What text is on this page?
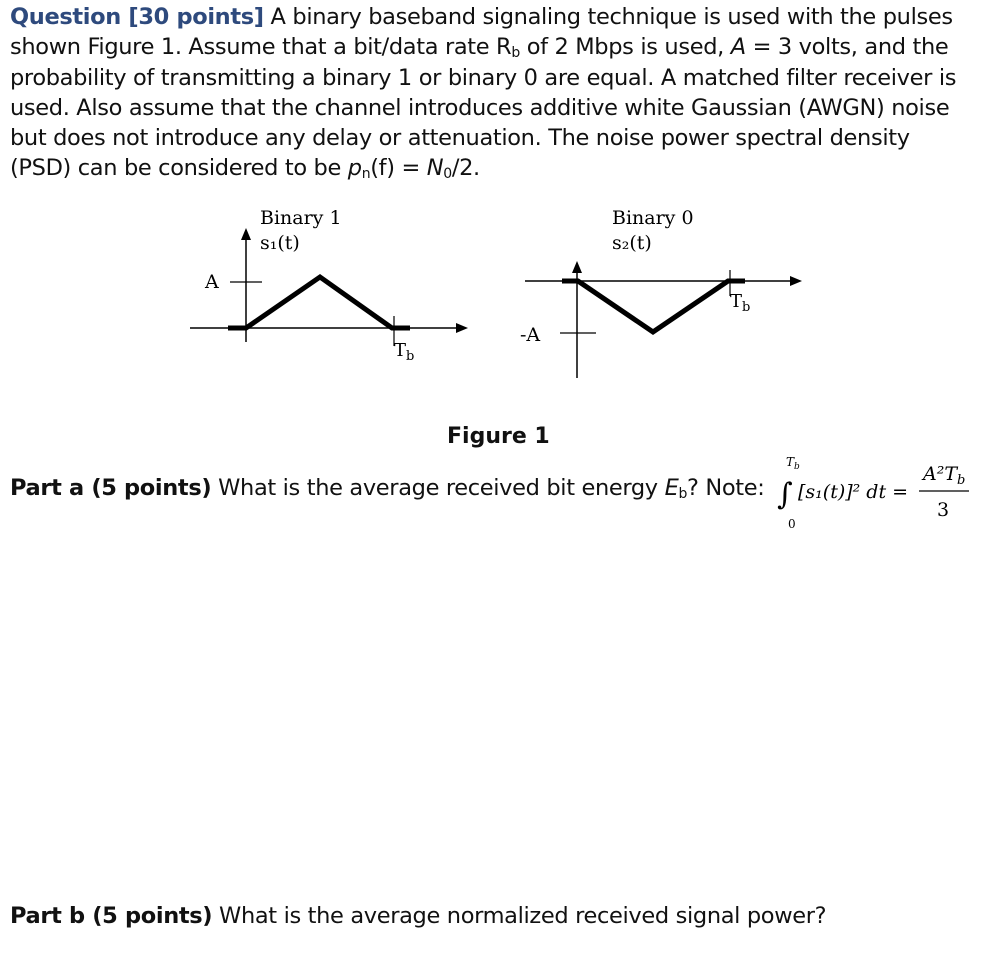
Question [30 points] A binary baseband signaling technique is used with the pulses shown Figure 1. Assume that a bit/data rate $R_b$ of 2 Mbps is used, A = 3 volts, and the probability of transmitting a binary 1 or binary 0 are equal. A matched filter receiver is used. Also assume that the channel introduces additive white Gaussian (AWGN) noise but does not introduce any delay or attenuation. The noise power spectral density (PSD) can be considered to be $p_n(f) = N_0/2$.
Binary 1
s₁(t)
A
$T_b$
Binary 0
s₂(t)
-A
$T_b$
Figure 1
Part a (5 points) What is the average received bit energy $E_b$? Note:
$T_b$
∫
0
[s₁(t)]² dt =
$A^2T_b$
3
Part b (5 points) What is the average normalized received signal power?
